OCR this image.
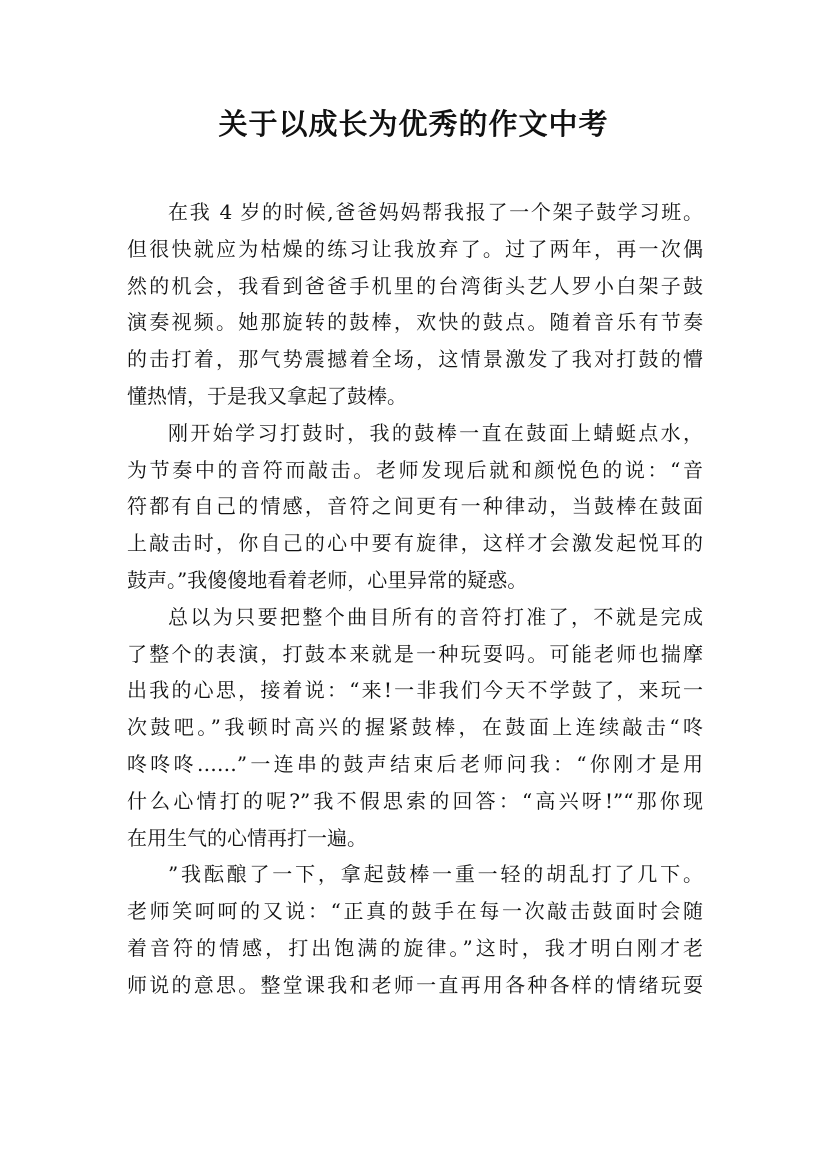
关于以成长为优秀的作文中考
在我 4 岁的时候,爸爸妈妈帮我报了一个架子鼓学习班。
但很快就应为枯燥的练习让我放弃了。过了两年，再一次偶
然的机会，我看到爸爸手机里的台湾街头艺人罗小白架子鼓
演奏视频。她那旋转的鼓棒，欢快的鼓点。随着音乐有节奏
的击打着，那气势震撼着全场，这情景激发了我对打鼓的懵
懂热情，于是我又拿起了鼓棒。
刚开始学习打鼓时，我的鼓棒一直在鼓面上蜻蜓点水，
为节奏中的音符而敲击。老师发现后就和颜悦色的说：“音
符都有自己的情感，音符之间更有一种律动，当鼓棒在鼓面
上敲击时，你自己的心中要有旋律，这样才会激发起悦耳的
鼓声。”我傻傻地看着老师，心里异常的疑惑。
总以为只要把整个曲目所有的音符打准了，不就是完成
了整个的表演，打鼓本来就是一种玩耍吗。可能老师也揣摩
出我的心思，接着说：“来!一非我们今天不学鼓了，来玩一
次鼓吧。”我顿时高兴的握紧鼓棒，在鼓面上连续敲击“咚
咚咚咚……”一连串的鼓声结束后老师问我：“你刚才是用
什么心情打的呢?”我不假思索的回答：“高兴呀!”“那你现
在用生气的心情再打一遍。
”我酝酿了一下，拿起鼓棒一重一轻的胡乱打了几下。
老师笑呵呵的又说：“正真的鼓手在每一次敲击鼓面时会随
着音符的情感，打出饱满的旋律。”这时，我才明白刚才老
师说的意思。整堂课我和老师一直再用各种各样的情绪玩耍
